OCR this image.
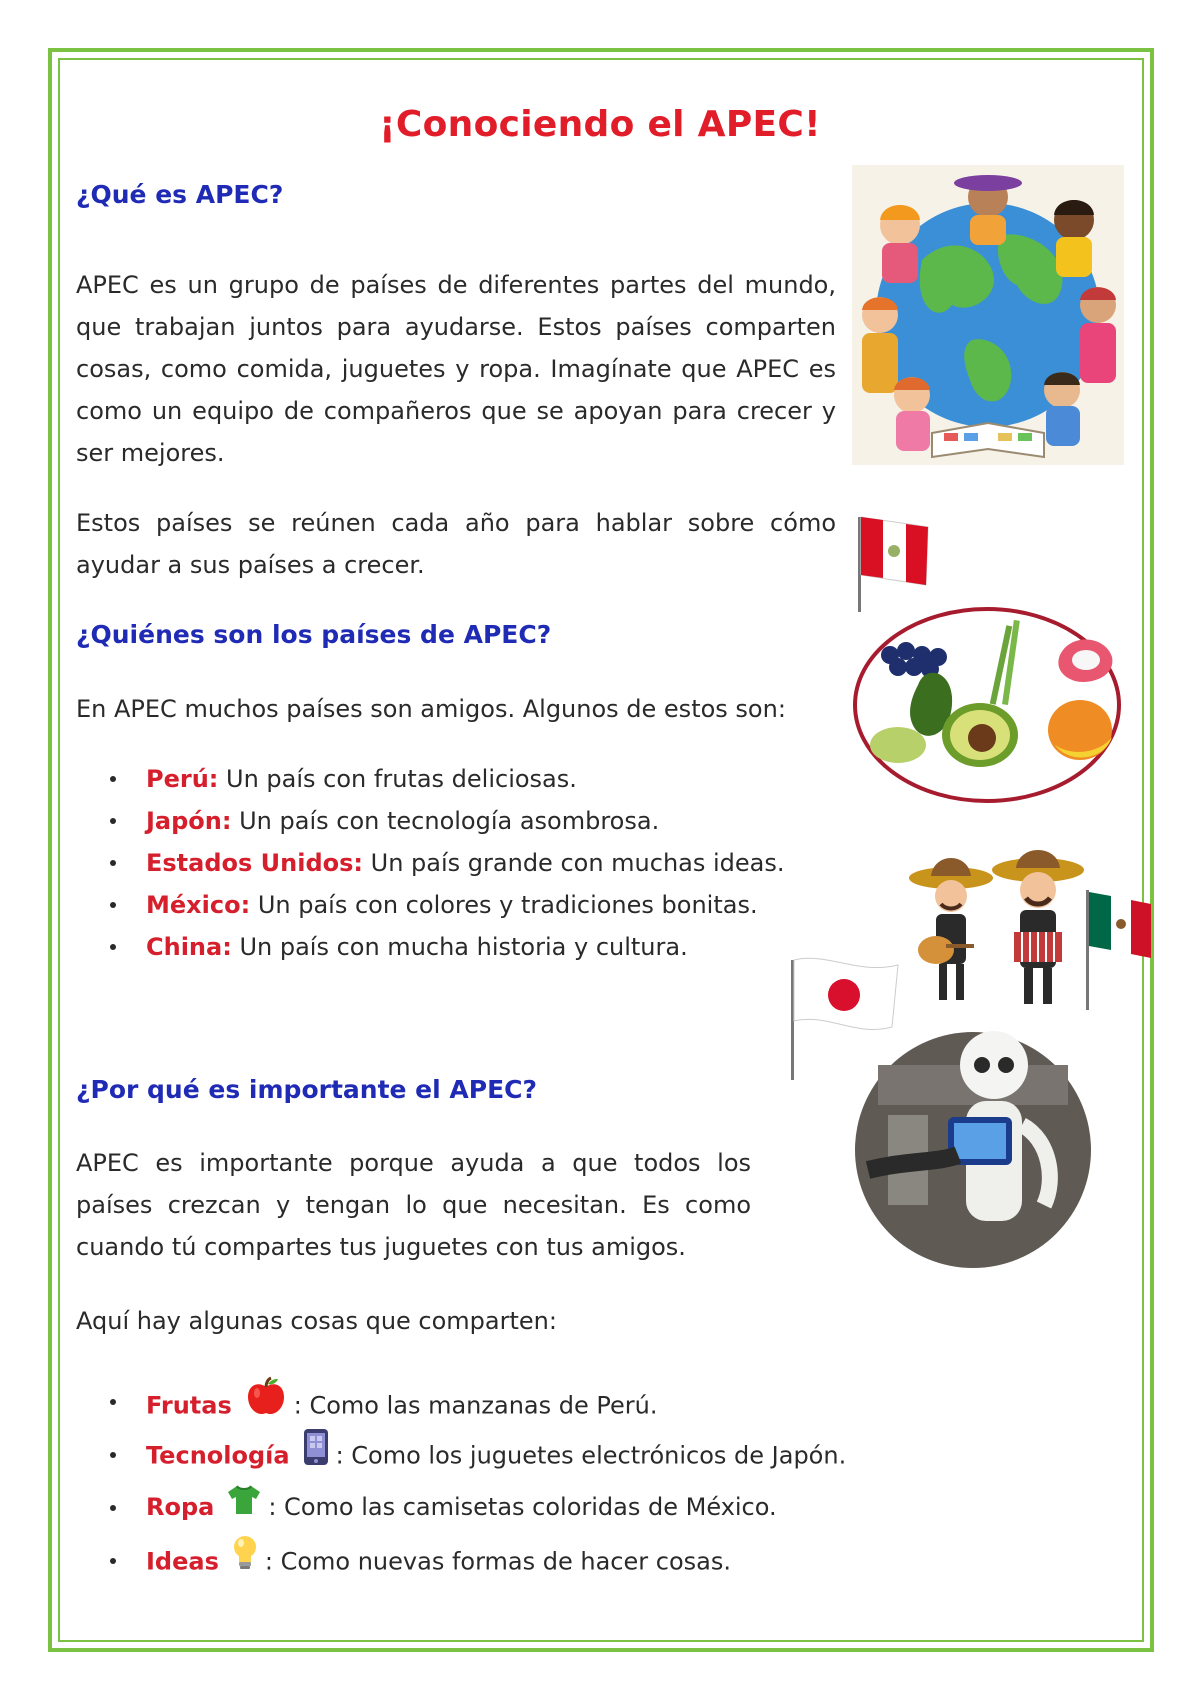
¡Conociendo el APEC!
¿Qué es APEC?

APEC es un grupo de países de diferentes partes del mundo, que trabajan juntos para ayudarse. Estos países comparten cosas, como comida, juguetes y ropa. Imagínate que APEC es como un equipo de compañeros que se apoyan para crecer y ser mejores.

Estos países se reúnen cada año para hablar sobre cómo ayudar a sus países a crecer.

¿Quiénes son los países de APEC?

En APEC muchos países son amigos. Algunos de estos son:

Perú: Un país con frutas deliciosas.
Japón: Un país con tecnología asombrosa.
Estados Unidos: Un país grande con muchas ideas.
México: Un país con colores y tradiciones bonitas.
China: Un país con mucha historia y cultura.
¿Por qué es importante el APEC?

APEC es importante porque ayuda a que todos los países crezcan y tengan lo que necesitan. Es como cuando tú compartes tus juguetes con tus amigos.

Aquí hay algunas cosas que comparten:

Frutas	: Como las manzanas de Perú.
Tecnología : Como los juguetes electrónicos de Japón.
Ropa : Como las camisetas coloridas de México.
Ideas : Como nuevas formas de hacer cosas.
